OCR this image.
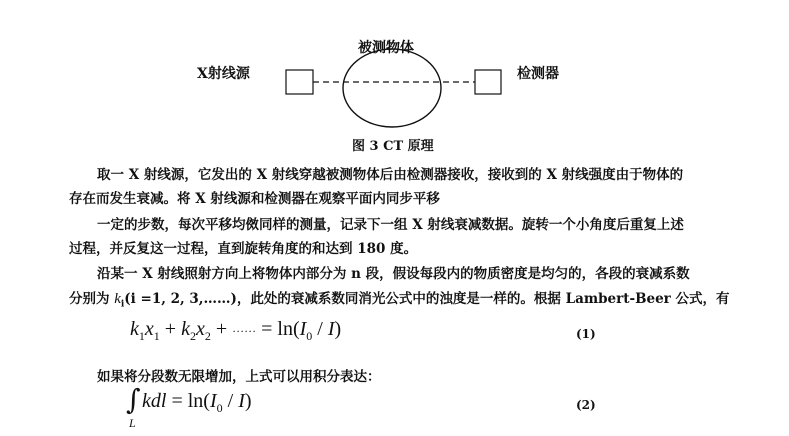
被测物体
X射线源	检测器
图 3 CT 原理
取一 X 射线源，它发出的 X 射线穿越被测物体后由检测器接收，接收到的 X 射线强度由于物体的
存在而发生衰减。将 X 射线源和检测器在观察平面内同步平移
一定的步数，每次平移均傚同样的测量，记录下一组 X 射线衰减数据。旋转一个小角度后重复上述
过程，并反复这一过程，直到旋转角度的和达到 180 度。
沿某一 X 射线照射方向上将物体内部分为 n 段，假设每段内的物质密度是均匀的，各段的衰减系数
分别为 $k_i(i =1$, 2, 3,……)，此处的衰减系数同消光公式中的浊度是一样的。根据 Lambert-Beer 公式，有
$k_1x_1 + k_2x_2$ + ······ = $\ln(I_0 / I)$	(1)
如果将分段数无限增加，上式可以用积分表达：
∫
L
kdl = $\ln(I_0 / I)$	(2)
